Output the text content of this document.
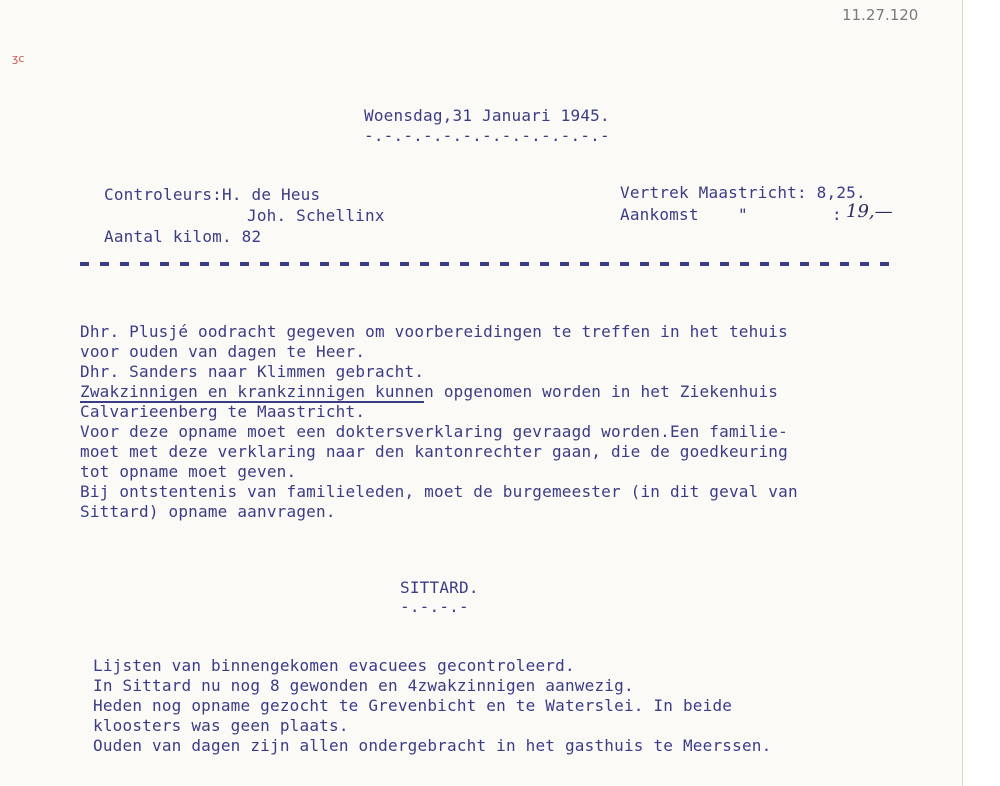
ʒc
11.27.120
Woensdag,31 Januari 1945.
-.-.-.-.-.-.-.-.-.-.-.-.-
Controleurs:H. de Heus
Joh. Schellinx
Aantal kilom. 82
Vertrek Maastricht: 8,25.
Aankomst    "	: 19,—
Dhr. Plusjé oodracht gegeven om voorbereidingen te treffen in het tehuis
voor ouden van dagen te Heer.
Dhr. Sanders naar Klimmen gebracht.
Zwakzinnigen en krankzinnigen kunnen opgenomen worden in het Ziekenhuis
Calvarieenberg te Maastricht.
Voor deze opname moet een doktersverklaring gevraagd worden.Een familie-
moet met deze verklaring naar den kantonrechter gaan, die de goedkeuring
tot opname moet geven.
Bij ontstentenis van familieleden, moet de burgemeester (in dit geval van
Sittard) opname aanvragen.
SITTARD.
-.-.-.-
Lijsten van binnengekomen evacuees gecontroleerd.
In Sittard nu nog 8 gewonden en 4zwakzinnigen aanwezig.
Heden nog opname gezocht te Grevenbicht en te Waterslei. In beide
kloosters was geen plaats.
Ouden van dagen zijn allen ondergebracht in het gasthuis te Meerssen.
